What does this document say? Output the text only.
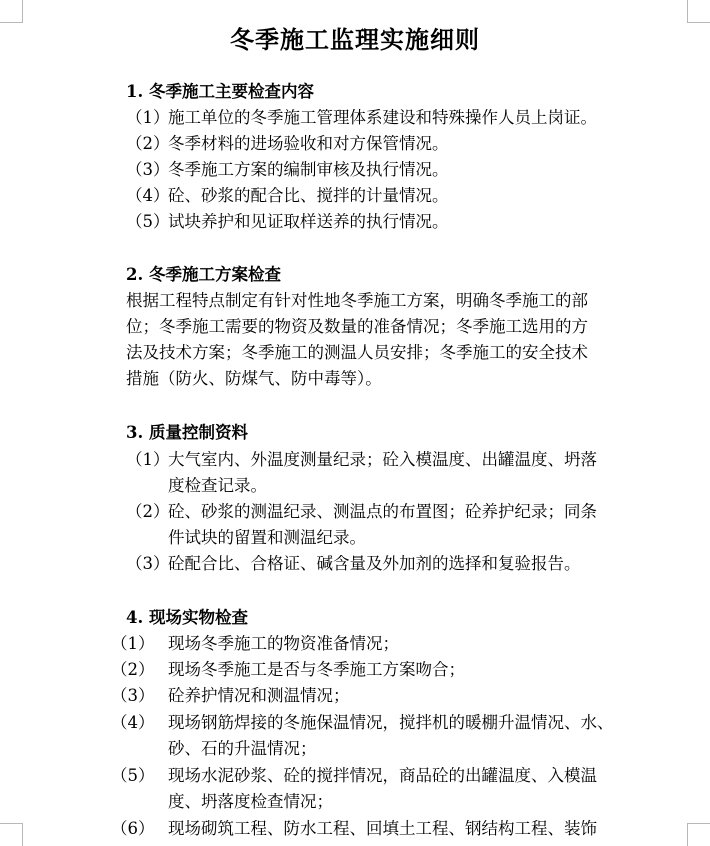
冬季施工监理实施细则
1. 冬季施工主要检查内容
（1）
施工单位的冬季施工管理体系建设和特殊操作人员上岗证。
（2）
冬季材料的进场验收和对方保管情况。
（3）
冬季施工方案的编制审核及执行情况。
（4）
砼、砂浆的配合比、搅拌的计量情况。
（5）
试块养护和见证取样送养的执行情况。
2. 冬季施工方案检查
根据工程特点制定有针对性地冬季施工方案，明确冬季施工的部
位；冬季施工需要的物资及数量的准备情况；冬季施工选用的方
法及技术方案；冬季施工的测温人员安排；冬季施工的安全技术
措施（防火、防煤气、防中毒等）。
3. 质量控制资料
（1）
大气室内、外温度测量纪录；砼入模温度、出罐温度、坍落
度检查记录。
（2）
砼、砂浆的测温纪录、测温点的布置图；砼养护纪录；同条
件试块的留置和测温纪录。
（3）
砼配合比、合格证、碱含量及外加剂的选择和复验报告。
4. 现场实物检查
（1） 现场冬季施工的物资准备情况；
（2） 现场冬季施工是否与冬季施工方案吻合；
（3） 砼养护情况和测温情况；
（4） 现场钢筋焊接的冬施保温情况，搅拌机的暖棚升温情况、水、
砂、石的升温情况；
（5） 现场水泥砂浆、砼的搅拌情况，商品砼的出罐温度、入模温
度、坍落度检查情况；
（6） 现场砌筑工程、防水工程、回填土工程、钢结构工程、装饰
